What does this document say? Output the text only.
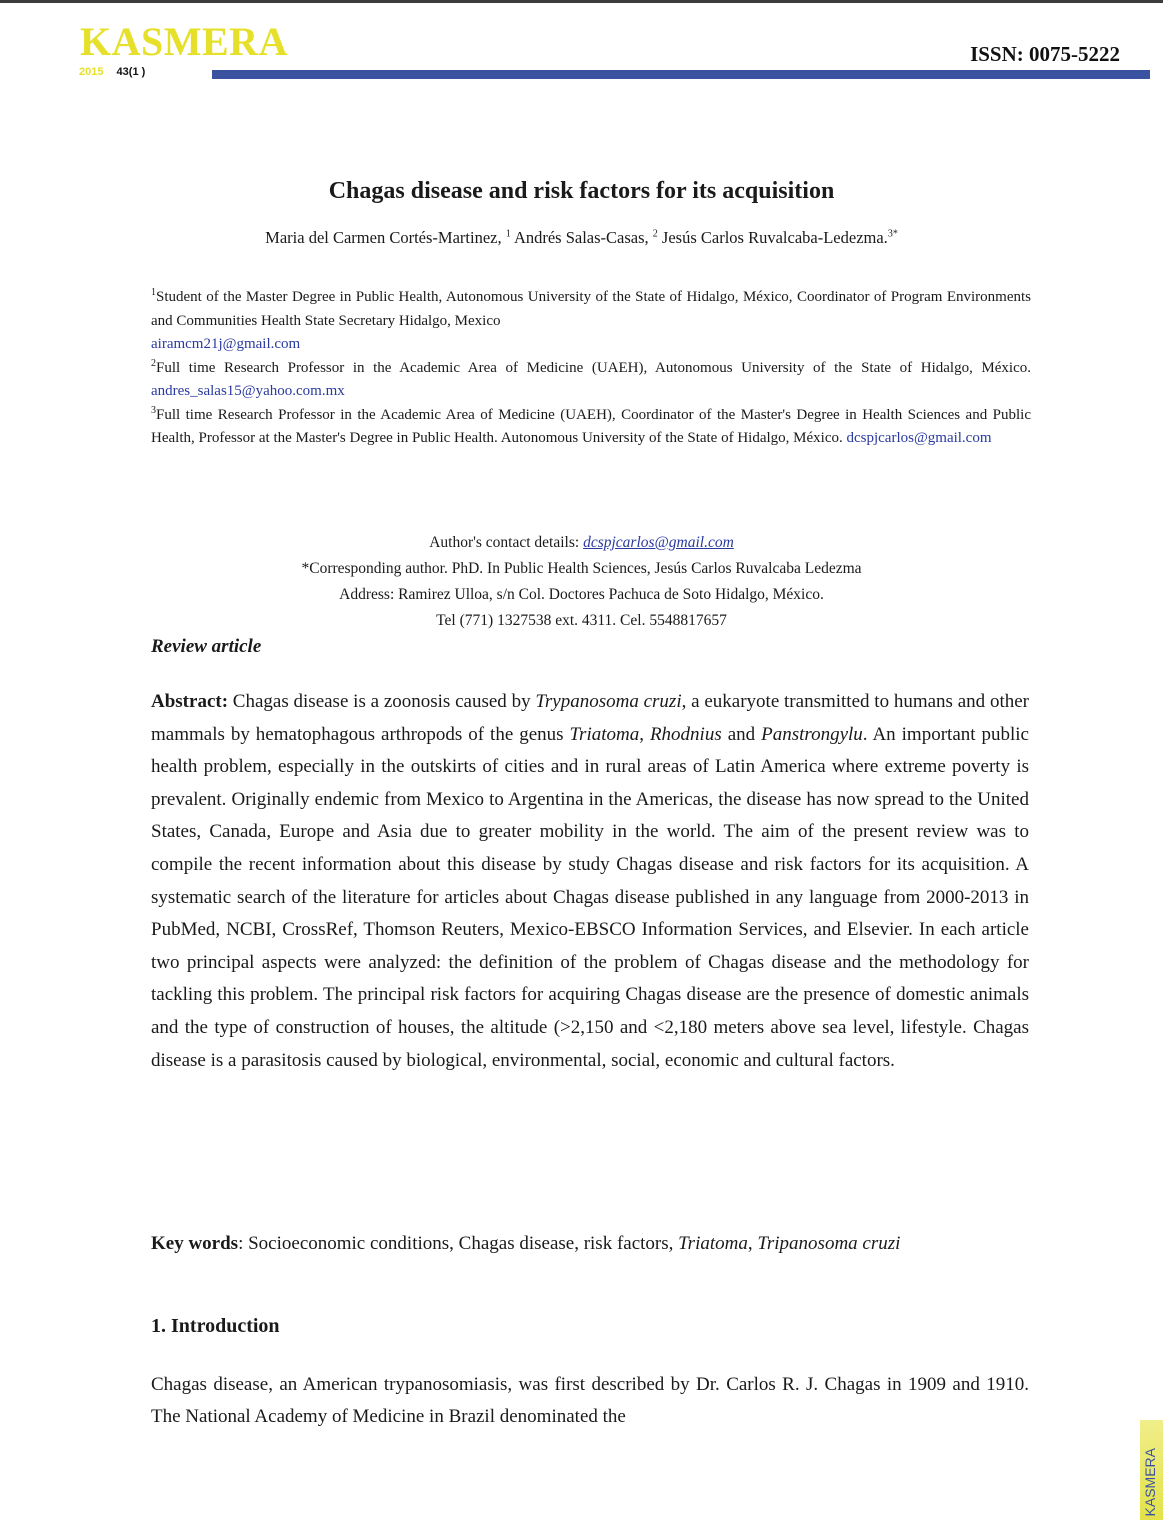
KASMERA
2015 43(1 )
ISSN: 0075-5222
Chagas disease and risk factors for its acquisition
Maria del Carmen Cortés-Martinez, $^1$ Andrés Salas-Casas, $^2$ Jesús Carlos Ruvalcaba-Ledezma.$^{3*}$

$^1$Student of the Master Degree in Public Health, Autonomous University of the State of Hidalgo, México, Coordinator of Program Environments and Communities Health State Secretary Hidalgo, Mexico
airamcm21j@gmail.com

$^2$Full time Research Professor in the Academic Area of Medicine (UAEH), Autonomous University of the State of Hidalgo, México. andres_salas15@yahoo.com.mx

$^3$Full time Research Professor in the Academic Area of Medicine (UAEH), Coordinator of the Master's Degree in Health Sciences and Public Health, Professor at the Master's Degree in Public Health. Autonomous University of the State of Hidalgo, México. dcspjcarlos@gmail.com

Author's contact details: dcspjcarlos@gmail.com
*Corresponding author. PhD. In Public Health Sciences, Jesús Carlos Ruvalcaba Ledezma
Address: Ramirez Ulloa, s/n Col. Doctores Pachuca de Soto Hidalgo, México.
Tel (771) 1327538 ext. 4311. Cel. 5548817657
Review article

Abstract: Chagas disease is a zoonosis caused by Trypanosoma cruzi, a eukaryote transmitted to humans and other mammals by hematophagous arthropods of the genus Triatoma, Rhodnius and Panstrongylu. An important public health problem, especially in the outskirts of cities and in rural areas of Latin America where extreme poverty is prevalent. Originally endemic from Mexico to Argentina in the Americas, the disease has now spread to the United States, Canada, Europe and Asia due to greater mobility in the world. The aim of the present review was to compile the recent information about this disease by study Chagas disease and risk factors for its acquisition. A systematic search of the literature for articles about Chagas disease published in any language from 2000-2013 in PubMed, NCBI, CrossRef, Thomson Reuters, Mexico-EBSCO Information Services, and Elsevier. In each article two principal aspects were analyzed: the definition of the problem of Chagas disease and the methodology for tackling this problem. The principal risk factors for acquiring Chagas disease are the presence of domestic animals and the type of construction of houses, the altitude (>2,150 and <2,180 meters above sea level, lifestyle. Chagas disease is a parasitosis caused by biological, environmental, social, economic and cultural factors.

Key words: Socioeconomic conditions, Chagas disease, risk factors, Triatoma, Tripanosoma cruzi
1. Introduction
Chagas disease, an American trypanosomiasis, was first described by Dr. Carlos R. J. Chagas in 1909 and 1910. The National Academy of Medicine in Brazil denominated the
KASMERA
